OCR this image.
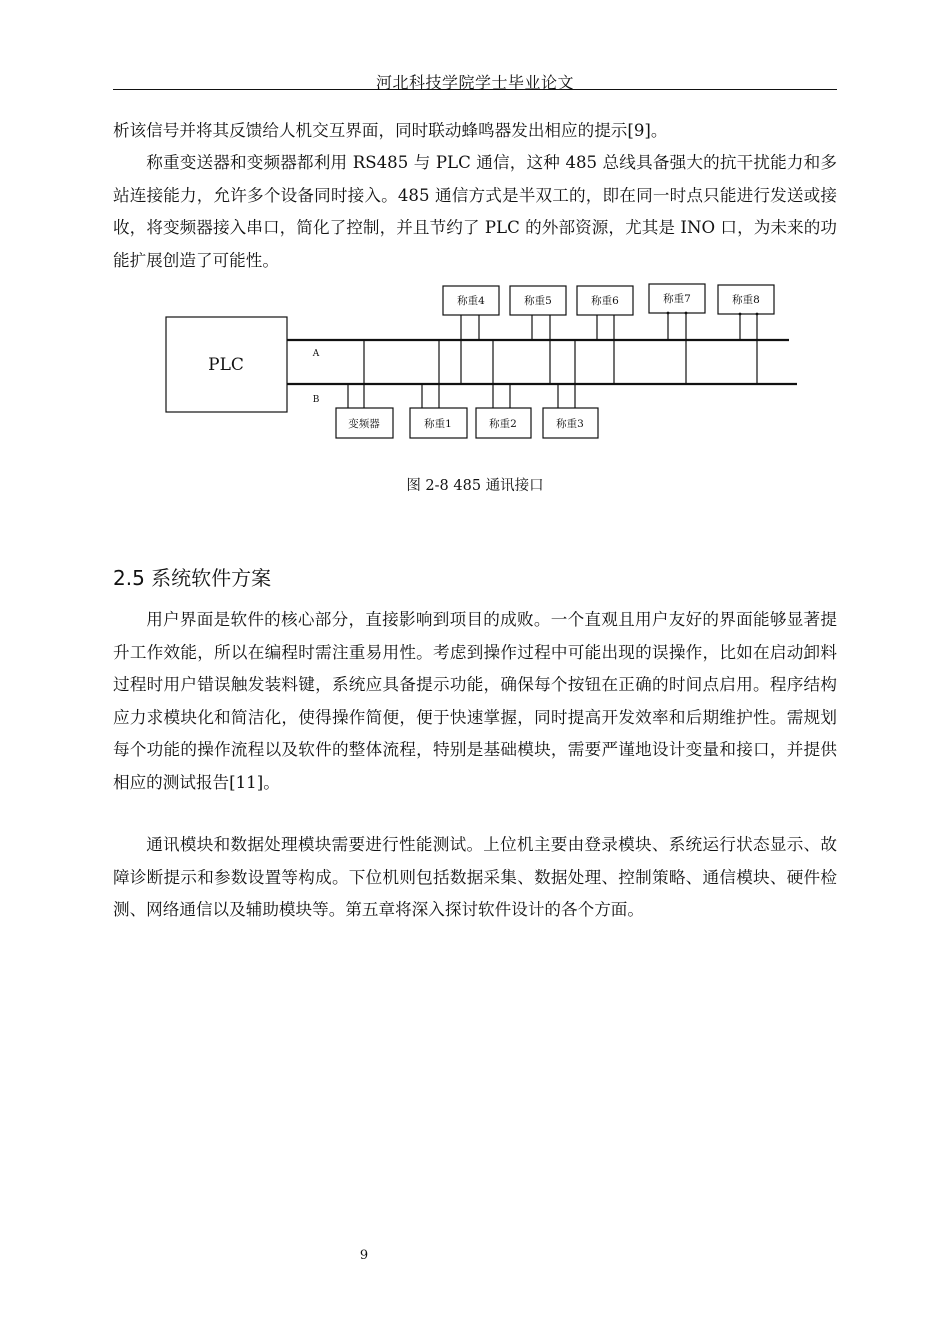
河北科技学院学士毕业论文

析该信号并将其反馈给人机交互界面，同时联动蜂鸣器发出相应的提示[9]。

称重变送器和变频器都利用 RS485 与 PLC 通信，这种 485 总线具备强大的抗干扰能力和多站连接能力，允许多个设备同时接入。485 通信方式是半双工的，即在同一时点只能进行发送或接收，将变频器接入串口，简化了控制，并且节约了 PLC 的外部资源，尤其是 INO 口，为未来的功能扩展创造了可能性。

PLC
A
B
称重4	称重5	称重6	称重7	称重8
变频器	称重1	称重2	称重3
图 2-8 485 通讯接口
2.5 系统软件方案

用户界面是软件的核心部分，直接影响到项目的成败。一个直观且用户友好的界面能够显著提升工作效能，所以在编程时需注重易用性。考虑到操作过程中可能出现的误操作，比如在启动卸料过程时用户错误触发装料键，系统应具备提示功能，确保每个按钮在正确的时间点启用。程序结构应力求模块化和简洁化，使得操作简便，便于快速掌握，同时提高开发效率和后期维护性。需规划每个功能的操作流程以及软件的整体流程，特别是基础模块，需要严谨地设计变量和接口，并提供相应的测试报告[11]。

通讯模块和数据处理模块需要进行性能测试。上位机主要由登录模块、系统运行状态显示、故障诊断提示和参数设置等构成。下位机则包括数据采集、数据处理、控制策略、通信模块、硬件检测、网络通信以及辅助模块等。第五章将深入探讨软件设计的各个方面。

9
